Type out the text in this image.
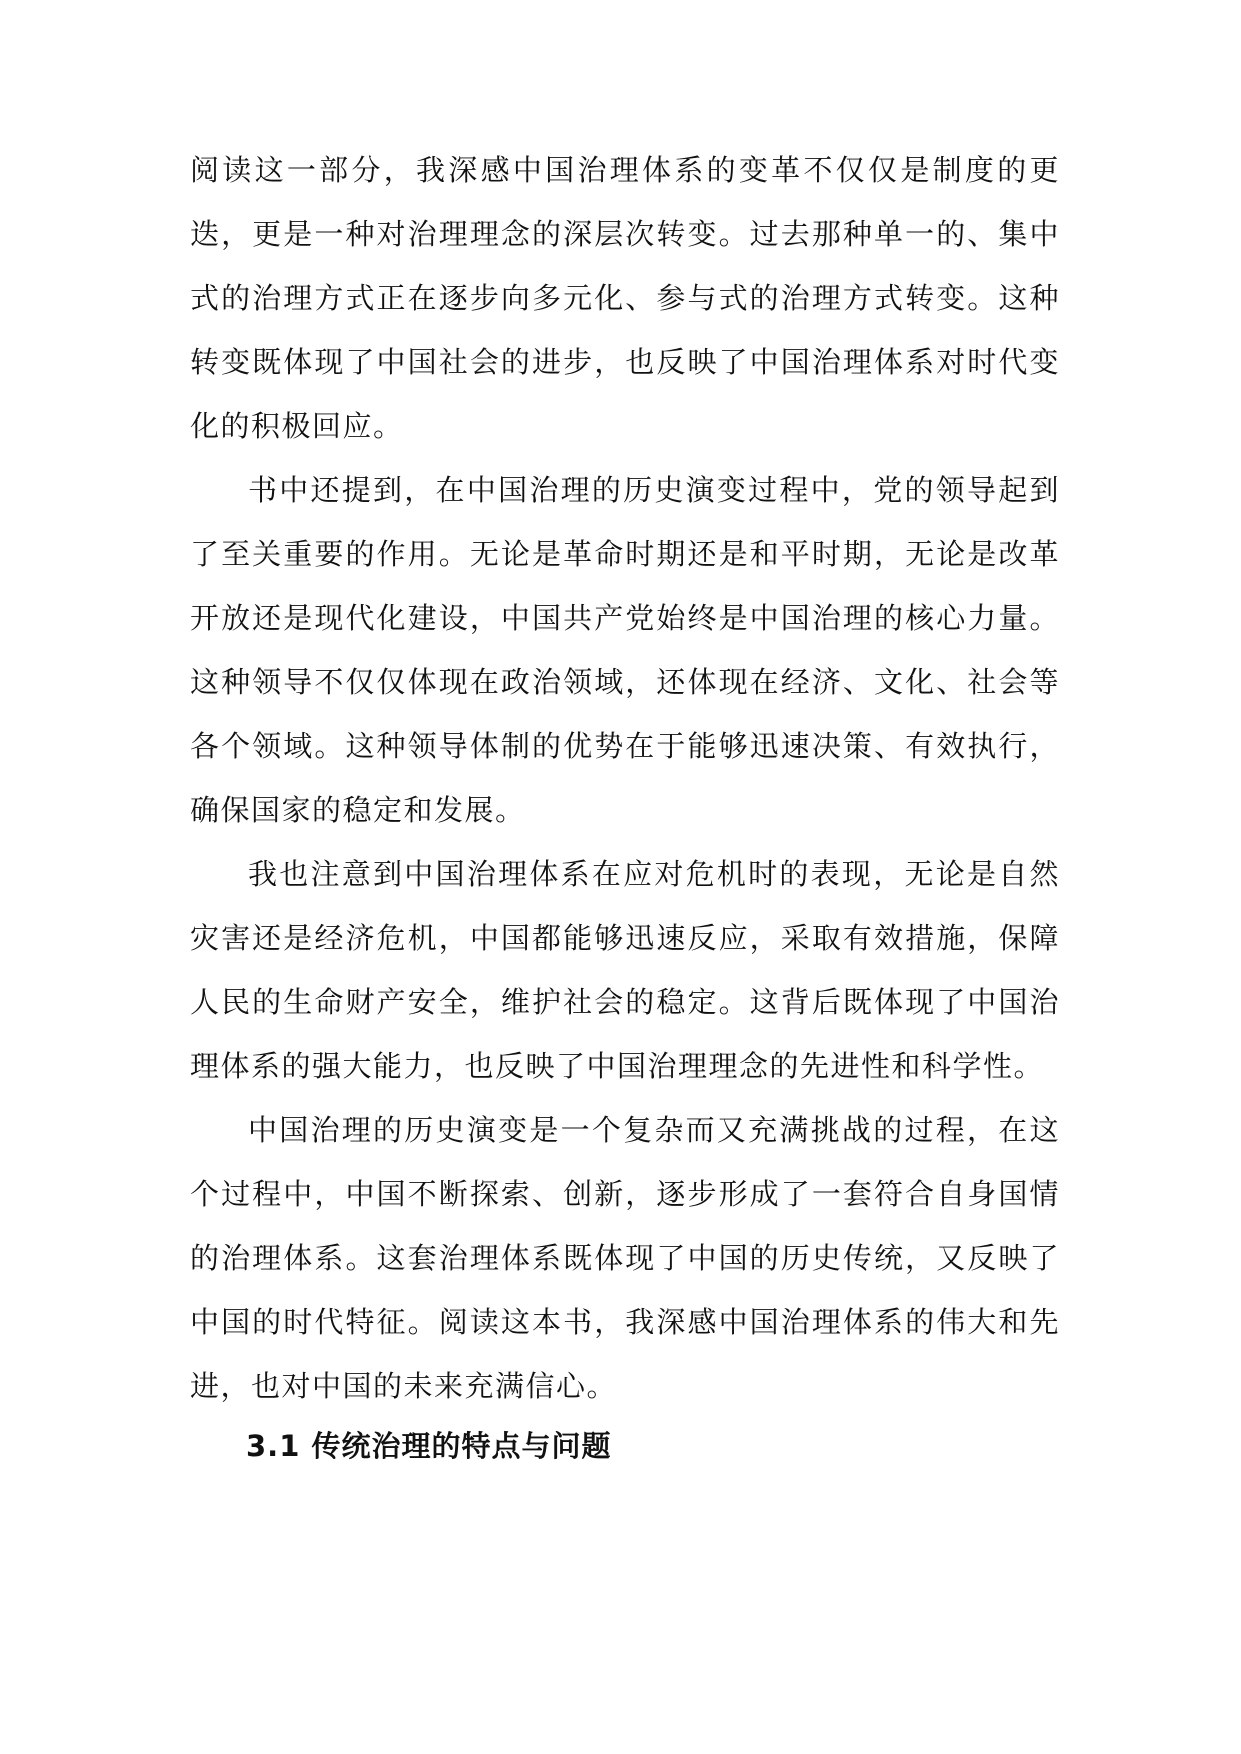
阅读这一部分，我深感中国治理体系的变革不仅仅是制度的更迭，更是一种对治理理念的深层次转变。过去那种单一的、集中式的治理方式正在逐步向多元化、参与式的治理方式转变。这种转变既体现了中国社会的进步，也反映了中国治理体系对时代变化的积极回应。

书中还提到，在中国治理的历史演变过程中，党的领导起到了至关重要的作用。无论是革命时期还是和平时期，无论是改革开放还是现代化建设，中国共产党始终是中国治理的核心力量。这种领导不仅仅体现在政治领域，还体现在经济、文化、社会等各个领域。这种领导体制的优势在于能够迅速决策、有效执行，确保国家的稳定和发展。

我也注意到中国治理体系在应对危机时的表现，无论是自然灾害还是经济危机，中国都能够迅速反应，采取有效措施，保障人民的生命财产安全，维护社会的稳定。这背后既体现了中国治理体系的强大能力，也反映了中国治理理念的先进性和科学性。

中国治理的历史演变是一个复杂而又充满挑战的过程，在这个过程中，中国不断探索、创新，逐步形成了一套符合自身国情的治理体系。这套治理体系既体现了中国的历史传统，又反映了中国的时代特征。阅读这本书，我深感中国治理体系的伟大和先进，也对中国的未来充满信心。

3.1 传统治理的特点与问题
